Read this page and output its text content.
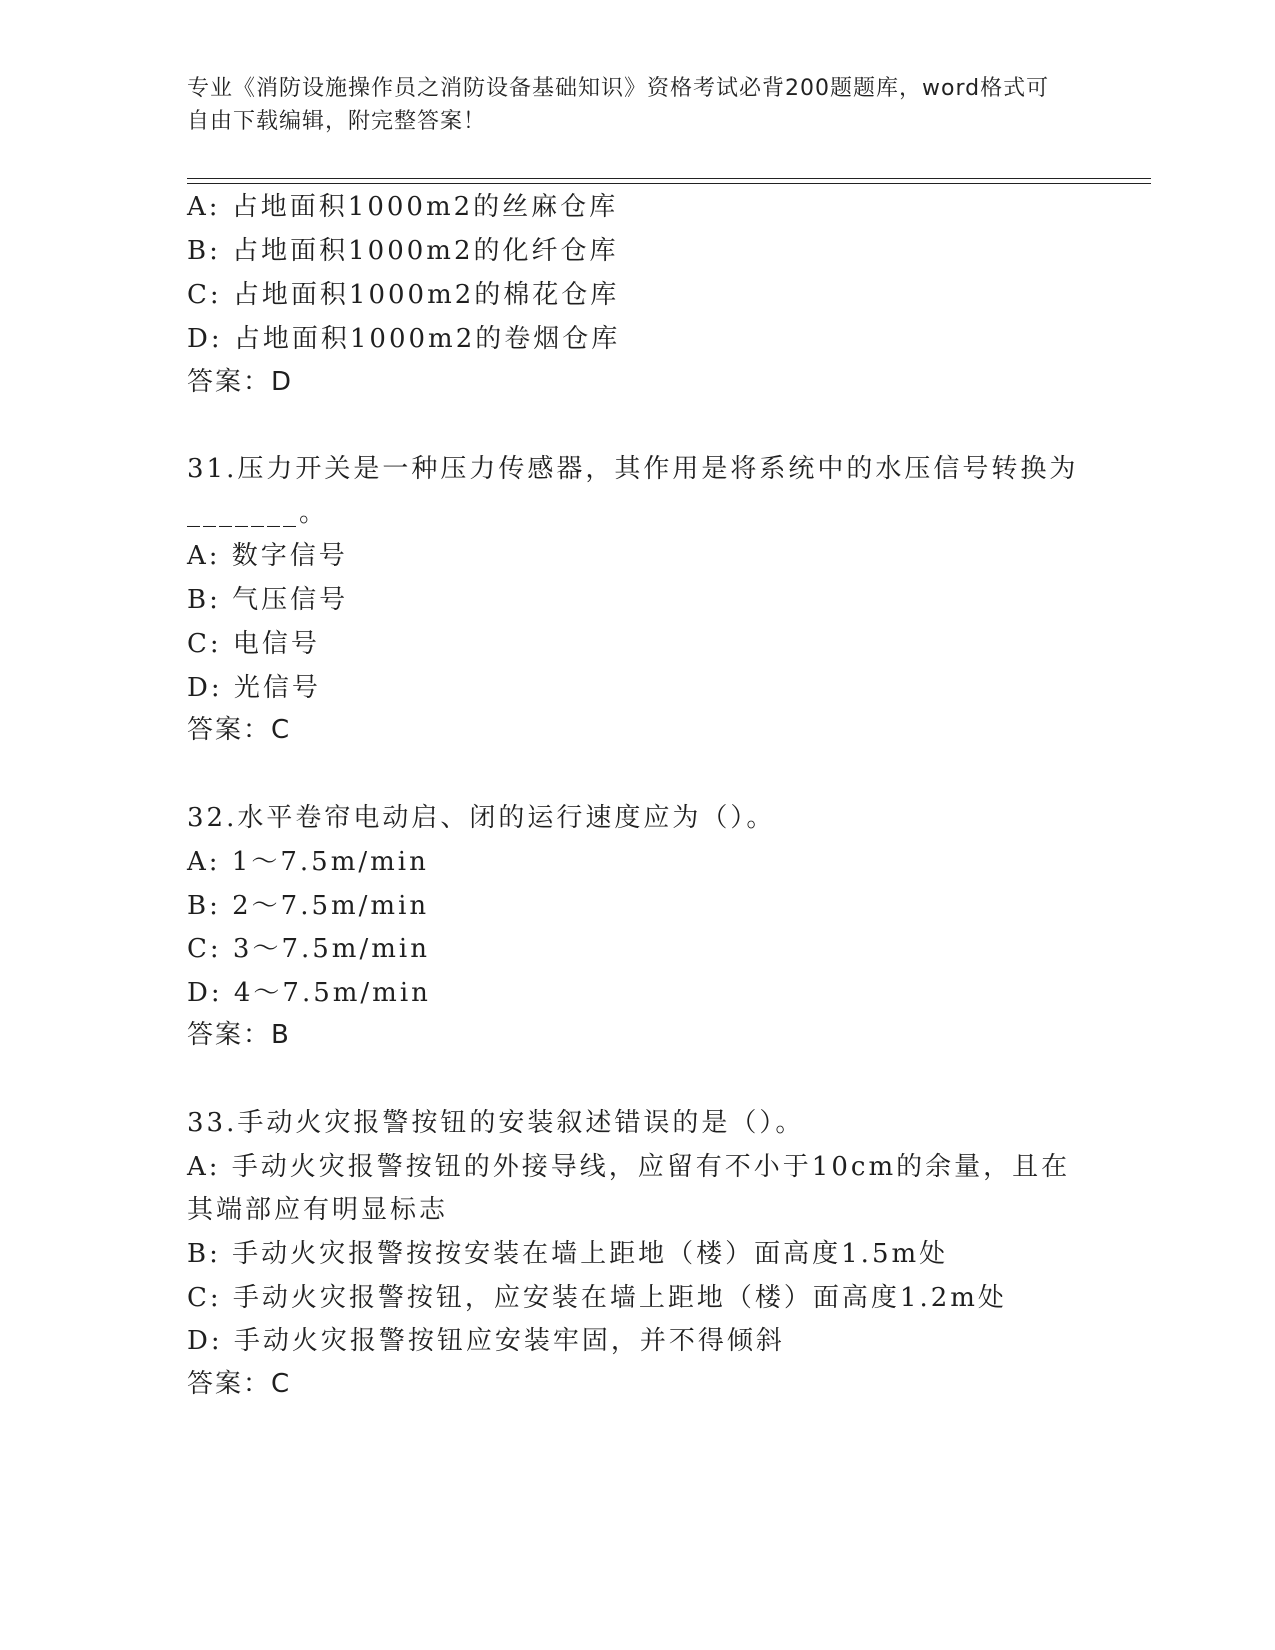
专业《消防设施操作员之消防设备基础知识》资格考试必背200题题库，word格式可自由下载编辑，附完整答案！
A: 占地面积1000m2的丝麻仓库
B: 占地面积1000m2的化纤仓库
C: 占地面积1000m2的棉花仓库
D: 占地面积1000m2的卷烟仓库
答案：D
31.压力开关是一种压力传感器，其作用是将系统中的水压信号转换为
_______。
A: 数字信号
B: 气压信号
C: 电信号
D: 光信号
答案：C
32.水平卷帘电动启、闭的运行速度应为（）。
A: 1～7.5m/min
B: 2～7.5m/min
C: 3～7.5m/min
D: 4～7.5m/min
答案：B
33.手动火灾报警按钮的安装叙述错误的是（）。
A: 手动火灾报警按钮的外接导线，应留有不小于10cm的余量，且在
其端部应有明显标志
B: 手动火灾报警按按安装在墙上距地（楼）面高度1.5m处
C: 手动火灾报警按钮，应安装在墙上距地（楼）面高度1.2m处
D: 手动火灾报警按钮应安装牢固，并不得倾斜
答案：C
